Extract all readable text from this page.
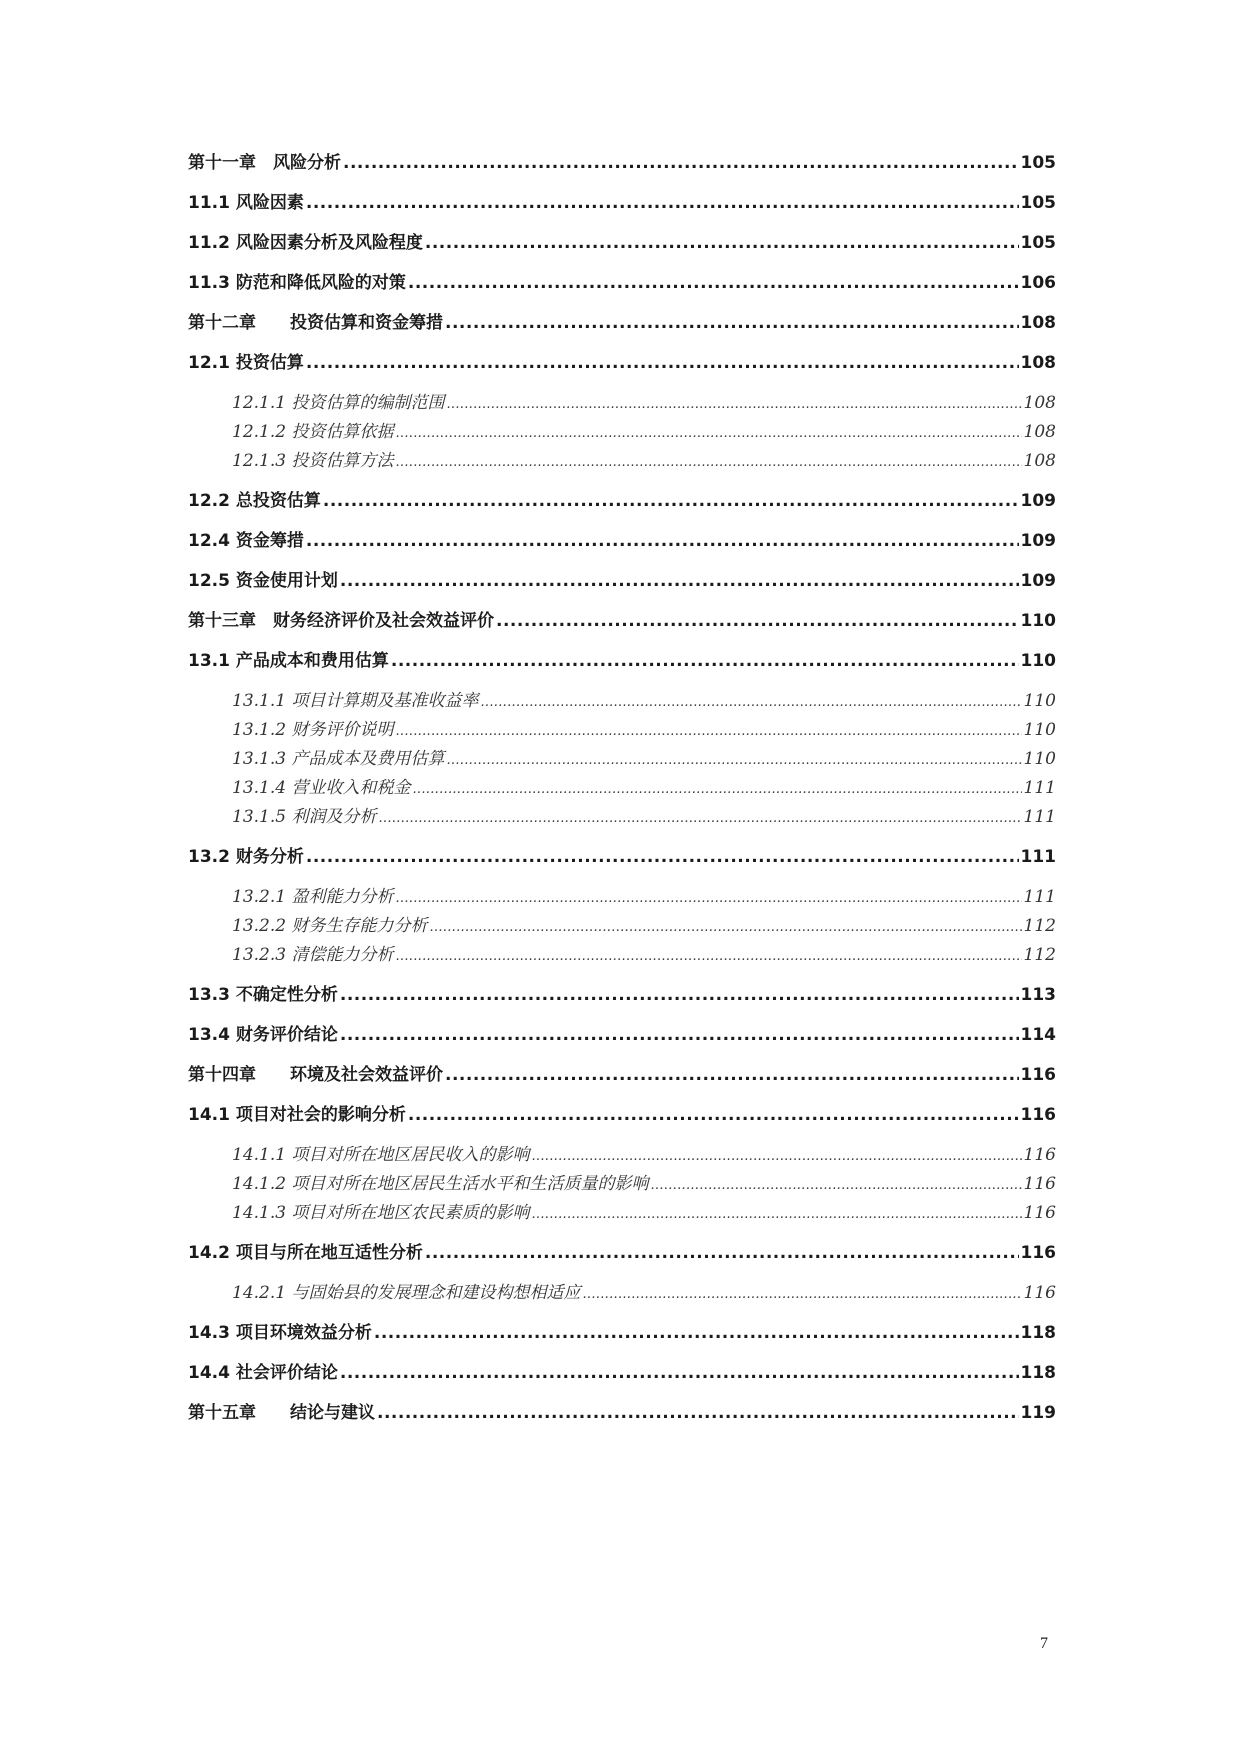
第十一章　风险分析 .....	105
11.1 风险因素 .....	105
11.2 风险因素分析及风险程度 .....	105
11.3 防范和降低风险的对策 .....	106
第十二章　　投资估算和资金筹措 .....	108
12.1 投资估算 .....	108
12.1.1 投资估算的编制范围 .....	108
12.1.2 投资估算依据 .....	108
12.1.3 投资估算方法 .....	108
12.2 总投资估算 .....	109
12.4 资金筹措 .....	109
12.5 资金使用计划 .....	109
第十三章　财务经济评价及社会效益评价 .....	110
13.1 产品成本和费用估算 .....	110
13.1.1 项目计算期及基准收益率 .....	110
13.1.2 财务评价说明 .....	110
13.1.3 产品成本及费用估算 .....	110
13.1.4 营业收入和税金 .....	111
13.1.5 利润及分析 .....	111
13.2 财务分析 .....	111
13.2.1 盈利能力分析 .....	111
13.2.2 财务生存能力分析 .....	112
13.2.3 清偿能力分析 .....	112
13.3 不确定性分析 .....	113
13.4 财务评价结论 .....	114
第十四章　　环境及社会效益评价 .....	116
14.1 项目对社会的影响分析 .....	116
14.1.1 项目对所在地区居民收入的影响 .....	116
14.1.2 项目对所在地区居民生活水平和生活质量的影响 .....	116
14.1.3 项目对所在地区农民素质的影响 .....	116
14.2 项目与所在地互适性分析 .....	116
14.2.1 与固始县的发展理念和建设构想相适应 .....	116
14.3 项目环境效益分析 .....	118
14.4 社会评价结论 .....	118
第十五章　　结论与建议 .....	119
7
